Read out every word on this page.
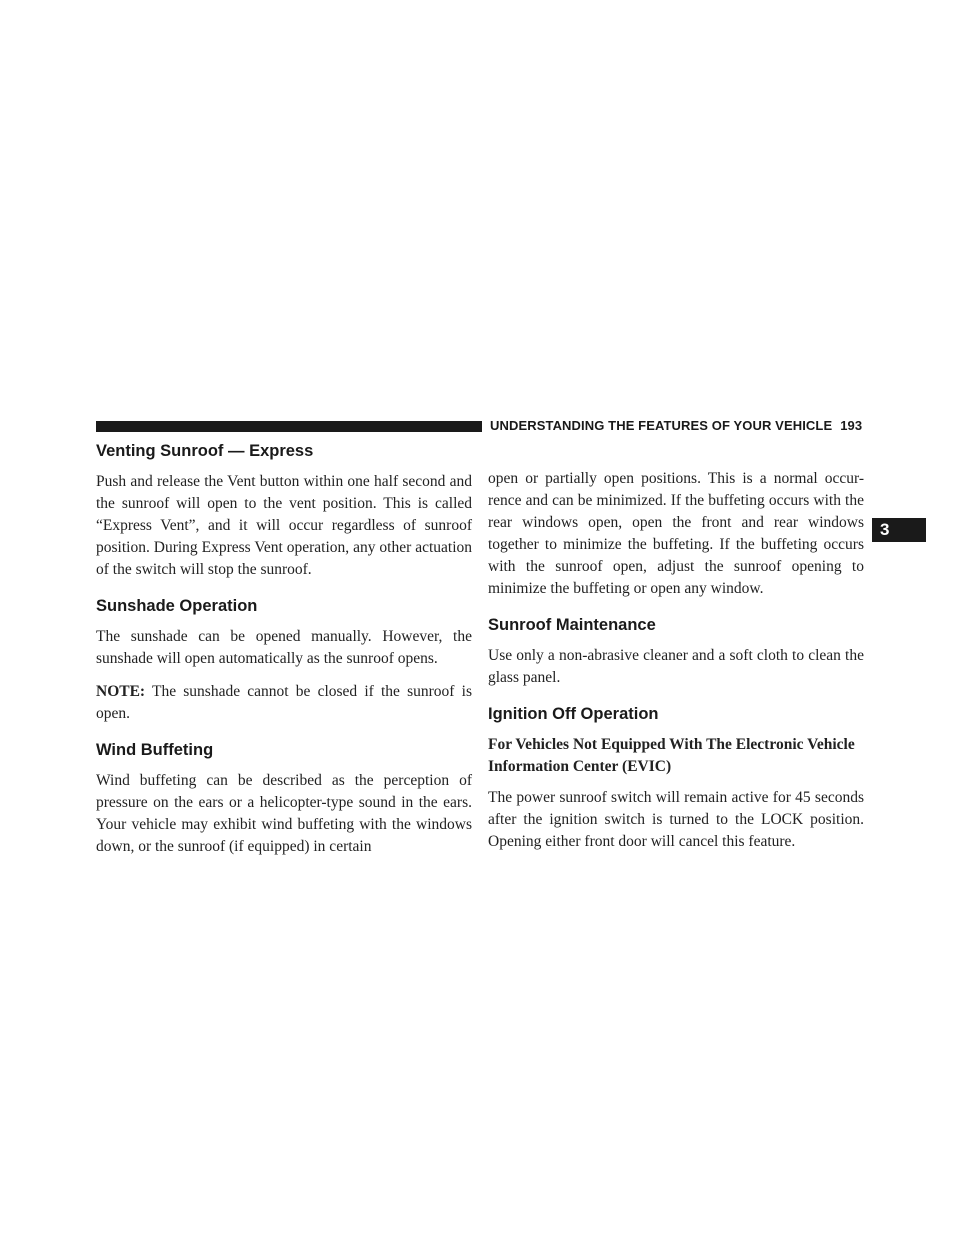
UNDERSTANDING THE FEATURES OF YOUR VEHICLE 193
3
Venting Sunroof — Express

Push and release the Vent button within one half second and the sunroof will open to the vent position. This is called “Express Vent”, and it will occur regardless of sunroof position. During Express Vent operation, any other actuation of the switch will stop the sunroof.

Sunshade Operation

The sunshade can be opened manually. However, the sunshade will open automatically as the sunroof opens.

NOTE: The sunshade cannot be closed if the sunroof is open.

Wind Buffeting

Wind buffeting can be described as the perception of pressure on the ears or a helicopter-type sound in the ears. Your vehicle may exhibit wind buffeting with the windows down, or the sunroof (if equipped) in certain

open or partially open positions. This is a normal occur-rence and can be minimized. If the buffeting occurs with the rear windows open, open the front and rear windows together to minimize the buffeting. If the buffeting occurs with the sunroof open, adjust the sunroof opening to minimize the buffeting or open any window.

Sunroof Maintenance

Use only a non-abrasive cleaner and a soft cloth to clean the glass panel.

Ignition Off Operation
For Vehicles Not Equipped With The Electronic Vehicle Information Center (EVIC)

The power sunroof switch will remain active for 45 seconds after the ignition switch is turned to the LOCK position. Opening either front door will cancel this feature.
